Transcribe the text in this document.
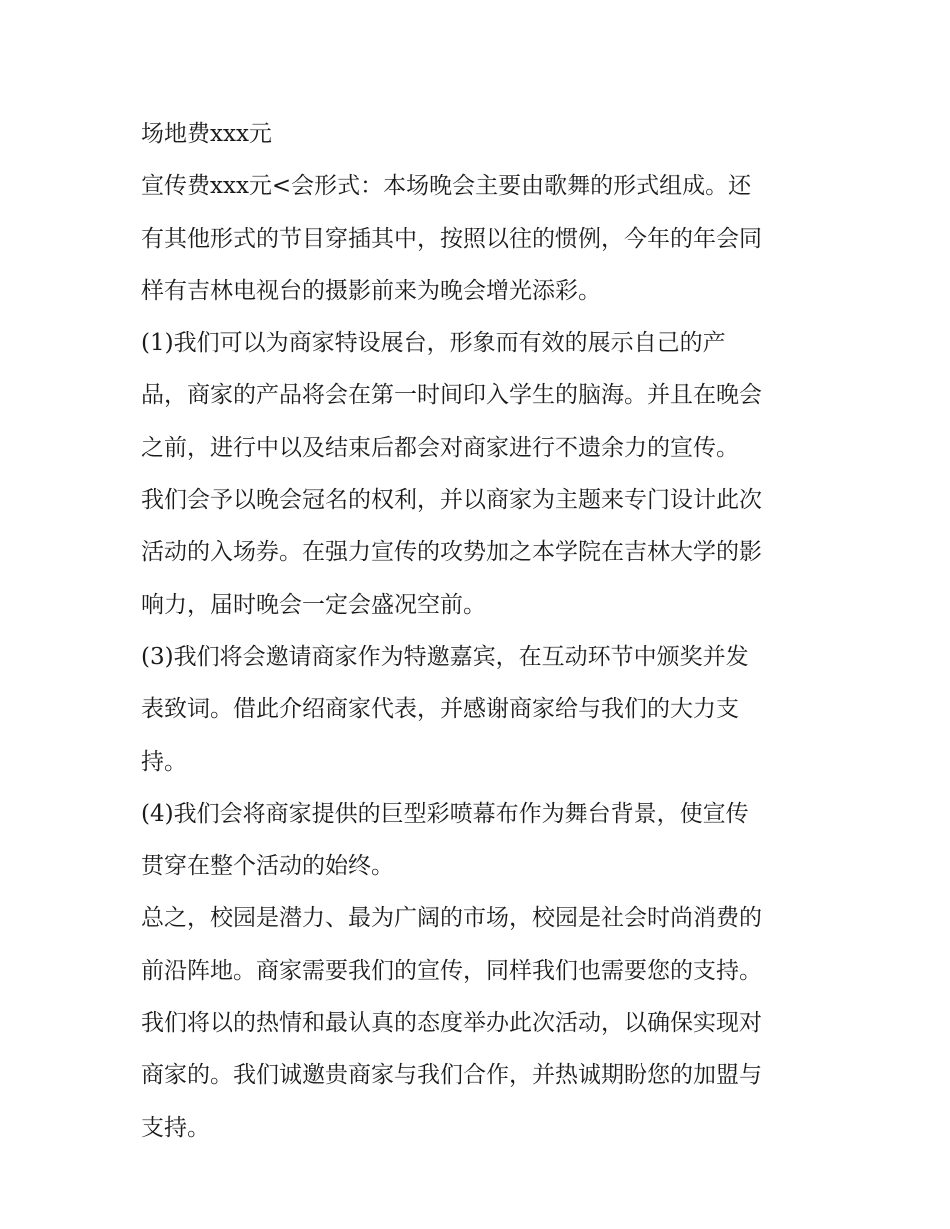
场地费xxx元
宣传费xxx元<会形式：本场晚会主要由歌舞的形式组成。还
有其他形式的节目穿插其中，按照以往的惯例，今年的年会同
样有吉林电视台的摄影前来为晚会增光添彩。
(1)我们可以为商家特设展台，形象而有效的展示自己的产
品，商家的产品将会在第一时间印入学生的脑海。并且在晚会
之前，进行中以及结束后都会对商家进行不遗余力的宣传。
我们会予以晚会冠名的权利，并以商家为主题来专门设计此次
活动的入场券。在强力宣传的攻势加之本学院在吉林大学的影
响力，届时晚会一定会盛况空前。
(3)我们将会邀请商家作为特邀嘉宾，在互动环节中颁奖并发
表致词。借此介绍商家代表，并感谢商家给与我们的大力支
持。
(4)我们会将商家提供的巨型彩喷幕布作为舞台背景，使宣传
贯穿在整个活动的始终。
总之，校园是潜力、最为广阔的市场，校园是社会时尚消费的
前沿阵地。商家需要我们的宣传，同样我们也需要您的支持。
我们将以的热情和最认真的态度举办此次活动，以确保实现对
商家的。我们诚邀贵商家与我们合作，并热诚期盼您的加盟与
支持。
